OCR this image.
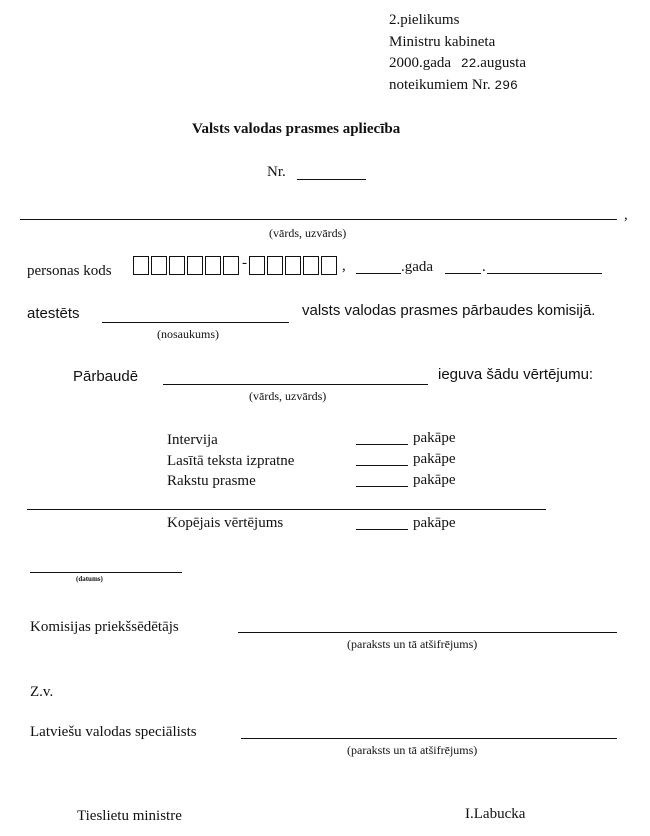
2.pielikums
Ministru kabineta
2000.gada 22.augusta
noteikumiem Nr. 296
Valsts valodas prasmes apliecība
Nr.
,
(vārds, uzvārds)
personas kods	-	,	.gada	.
atestēts	valsts valodas prasmes pārbaudes komisijā.
(nosaukums)
Pārbaudē	ieguva šādu vērtējumu:
(vārds, uzvārds)
Intervija	pakāpe
Lasītā teksta izpratne	pakāpe
Rakstu prasme	pakāpe
Kopējais vērtējums	pakāpe
(datums)
Komisijas priekšsēdētājs
(paraksts un tā atšifrējums)
Z.v.
Latviešu valodas speciālists
(paraksts un tā atšifrējums)
Tieslietu ministre	I.Labucka
